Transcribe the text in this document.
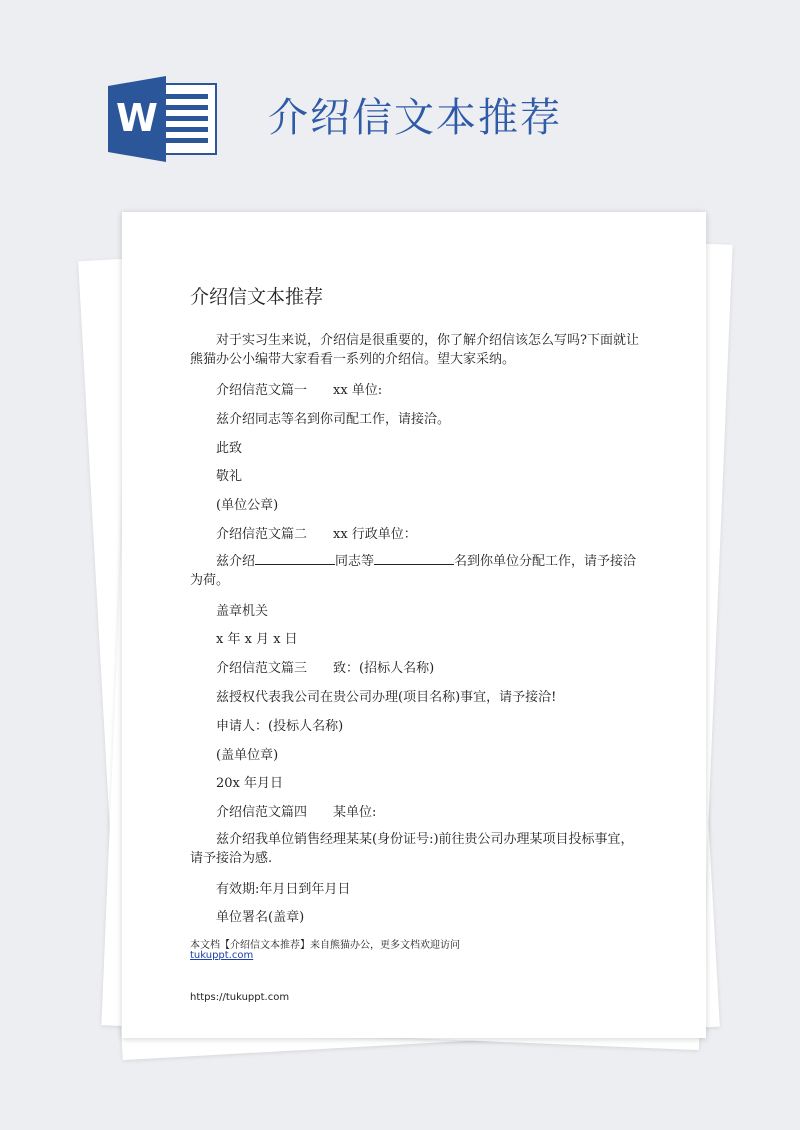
W	介绍信文本推荐
介绍信文本推荐
对于实习生来说，介绍信是很重要的，你了解介绍信该怎么写吗?下面就让熊猫办公小编带大家看看一系列的介绍信。望大家采纳。
介绍信范文篇一 xx 单位:
兹介绍同志等名到你司配工作，请接洽。
此致
敬礼
(单位公章)
介绍信范文篇二 xx 行政单位：
兹介绍	同志等	名到你单位分配工作，请予接洽为荷。
盖章机关
x 年 x 月 x 日
介绍信范文篇三 致：(招标人名称)
兹授权代表我公司在贵公司办理(项目名称)事宜，请予接洽!
申请人：(投标人名称)
(盖单位章)
20x 年月日
介绍信范文篇四 某单位:
兹介绍我单位销售经理某某(身份证号:)前往贵公司办理某项目投标事宜，请予接洽为感.
有效期:年月日到年月日
单位署名(盖章)
本文档【介绍信文本推荐】来自熊猫办公，更多文档欢迎访问
tukuppt.com
https://tukuppt.com
